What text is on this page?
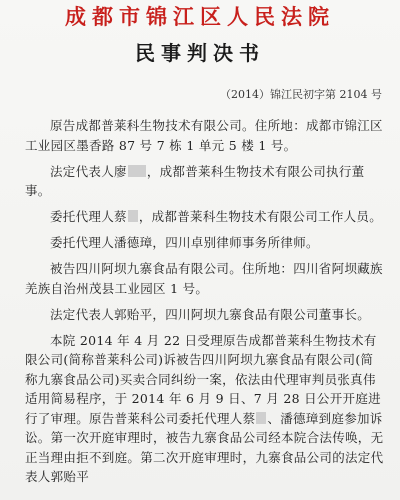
成都市锦江区人民法院
民事判决书
（2014）锦江民初字第 2104 号

原告成都普莱科生物技术有限公司。住所地：成都市锦江区工业园区墨香路 87 号 7 栋 1 单元 5 楼 1 号。

法定代表人廖 ，成都普莱科生物技术有限公司执行董事。

委托代理人蔡 ，成都普莱科生物技术有限公司工作人员。

委托代理人潘德璋，四川卓别律师事务所律师。

被告四川阿坝九寨食品有限公司。住所地：四川省阿坝藏族羌族自治州茂县工业园区 1 号。

法定代表人郭贻平，四川阿坝九寨食品有限公司董事长。

本院 2014 年 4 月 22 日受理原告成都普莱科生物技术有限公司(简称普莱科公司)诉被告四川阿坝九寨食品有限公司(简称九寨食品公司)买卖合同纠纷一案，依法由代理审判员张真伟适用简易程序，于 2014 年 6 月 9 日、7 月 28 日公开开庭进行了审理。原告普莱科公司委托代理人蔡 、潘德璋到庭参加诉讼。第一次开庭审理时，被告九寨食品公司经本院合法传唤，无正当理由拒不到庭。第二次开庭审理时，九寨食品公司的法定代表人郭贻平
